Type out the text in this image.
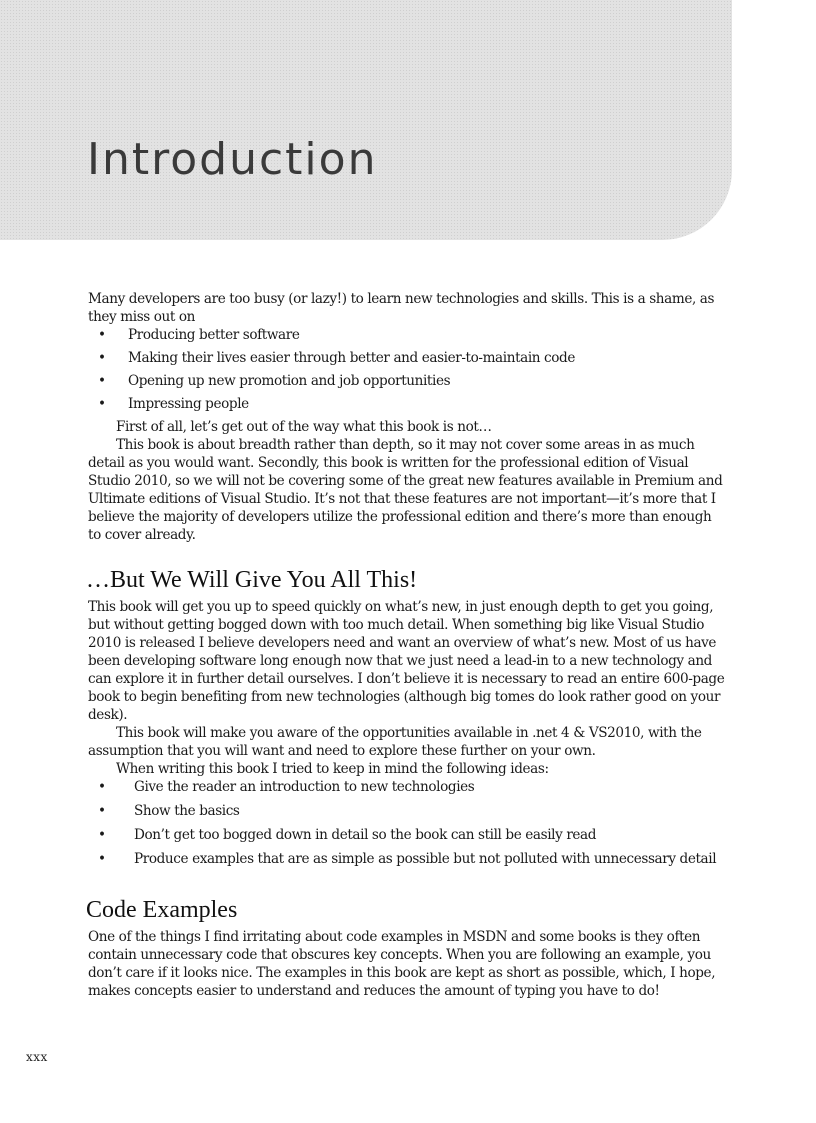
Introduction

Many developers are too busy (or lazy!) to learn new technologies and skills. This is a shame, as they miss out on

• Producing better software
• Making their lives easier through better and easier-to-maintain code
• Opening up new promotion and job opportunities
• Impressing people

First of all, let’s get out of the way what this book is not…

This book is about breadth rather than depth, so it may not cover some areas in as much detail as you would want. Secondly, this book is written for the professional edition of Visual Studio 2010, so we will not be covering some of the great new features available in Premium and Ultimate editions of Visual Studio. It’s not that these features are not important—it’s more that I believe the majority of developers utilize the professional edition and there’s more than enough to cover already.

…But We Will Give You All This!

This book will get you up to speed quickly on what’s new, in just enough depth to get you going, but without getting bogged down with too much detail. When something big like Visual Studio 2010 is released I believe developers need and want an overview of what’s new. Most of us have been developing software long enough now that we just need a lead-in to a new technology and can explore it in further detail ourselves. I don’t believe it is necessary to read an entire 600-page book to begin benefiting from new technologies (although big tomes do look rather good on your desk).

This book will make you aware of the opportunities available in .net 4 & VS2010, with the assumption that you will want and need to explore these further on your own.

When writing this book I tried to keep in mind the following ideas:

• Give the reader an introduction to new technologies
• Show the basics
• Don’t get too bogged down in detail so the book can still be easily read
• Produce examples that are as simple as possible but not polluted with unnecessary detail
Code Examples

One of the things I find irritating about code examples in MSDN and some books is they often contain unnecessary code that obscures key concepts. When you are following an example, you don’t care if it looks nice. The examples in this book are kept as short as possible, which, I hope, makes concepts easier to understand and reduces the amount of typing you have to do!

xxx
